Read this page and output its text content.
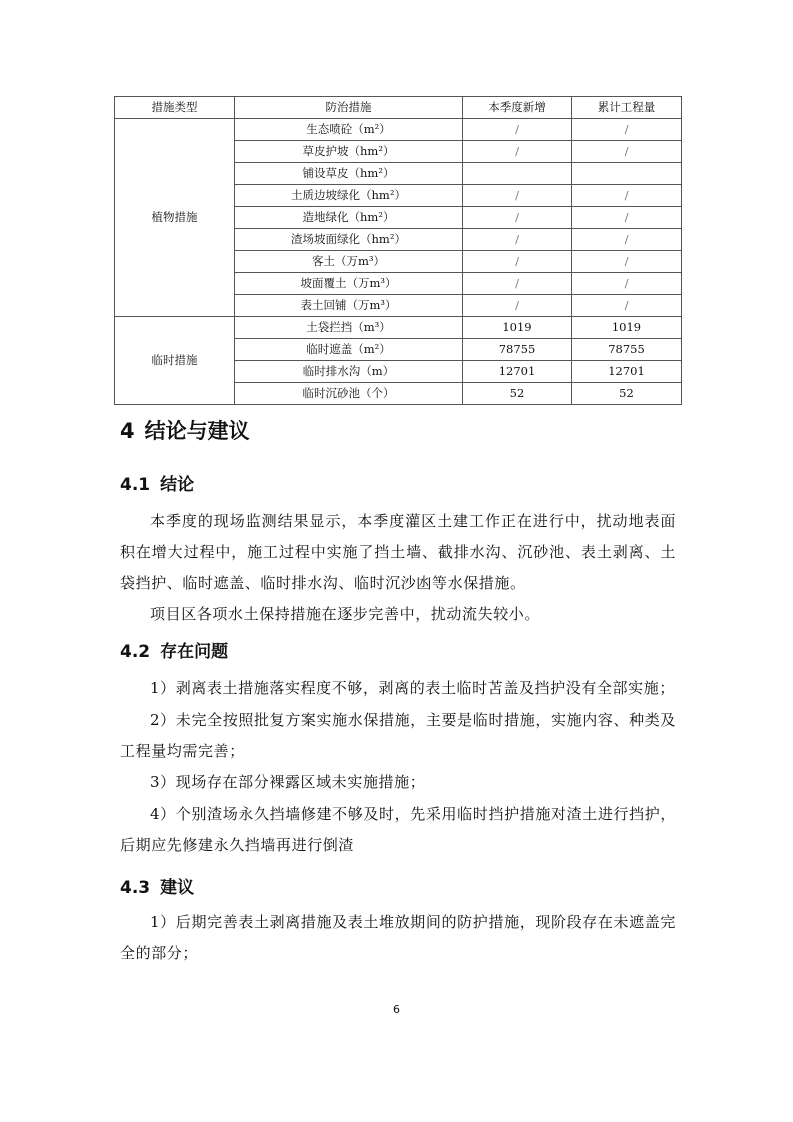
措施类型	防治措施	本季度新增	累计工程量
植物措施	生态喷砼（m²）	/	/
	草皮护坡（hm²）	/	/
	铺设草皮（hm²）		
	土质边坡绿化（hm²）	/	/
	造地绿化（hm²）	/	/
	渣场坡面绿化（hm²）	/	/
	客土（万m³）	/	/
	坡面覆土（万m³）	/	/
	表土回铺（万m³）	/	/
临时措施	土袋拦挡（m³）	1019	1019
	临时遮盖（m²）	78755	78755
	临时排水沟（m）	12701	12701
	临时沉砂池（个）	52	52
4 结论与建议
4.1 结论

本季度的现场监测结果显示，本季度灌区土建工作正在进行中，扰动地表面积在增大过程中，施工过程中实施了挡土墙、截排水沟、沉砂池、表土剥离、土袋挡护、临时遮盖、临时排水沟、临时沉沙凼等水保措施。

项目区各项水土保持措施在逐步完善中，扰动流失较小。

4.2 存在问题

1）剥离表土措施落实程度不够，剥离的表土临时苫盖及挡护没有全部实施；

2）未完全按照批复方案实施水保措施，主要是临时措施，实施内容、种类及工程量均需完善；

3）现场存在部分裸露区域未实施措施；

4）个别渣场永久挡墙修建不够及时，先采用临时挡护措施对渣土进行挡护，后期应先修建永久挡墙再进行倒渣

4.3 建议

1）后期完善表土剥离措施及表土堆放期间的防护措施，现阶段存在未遮盖完全的部分；

6
